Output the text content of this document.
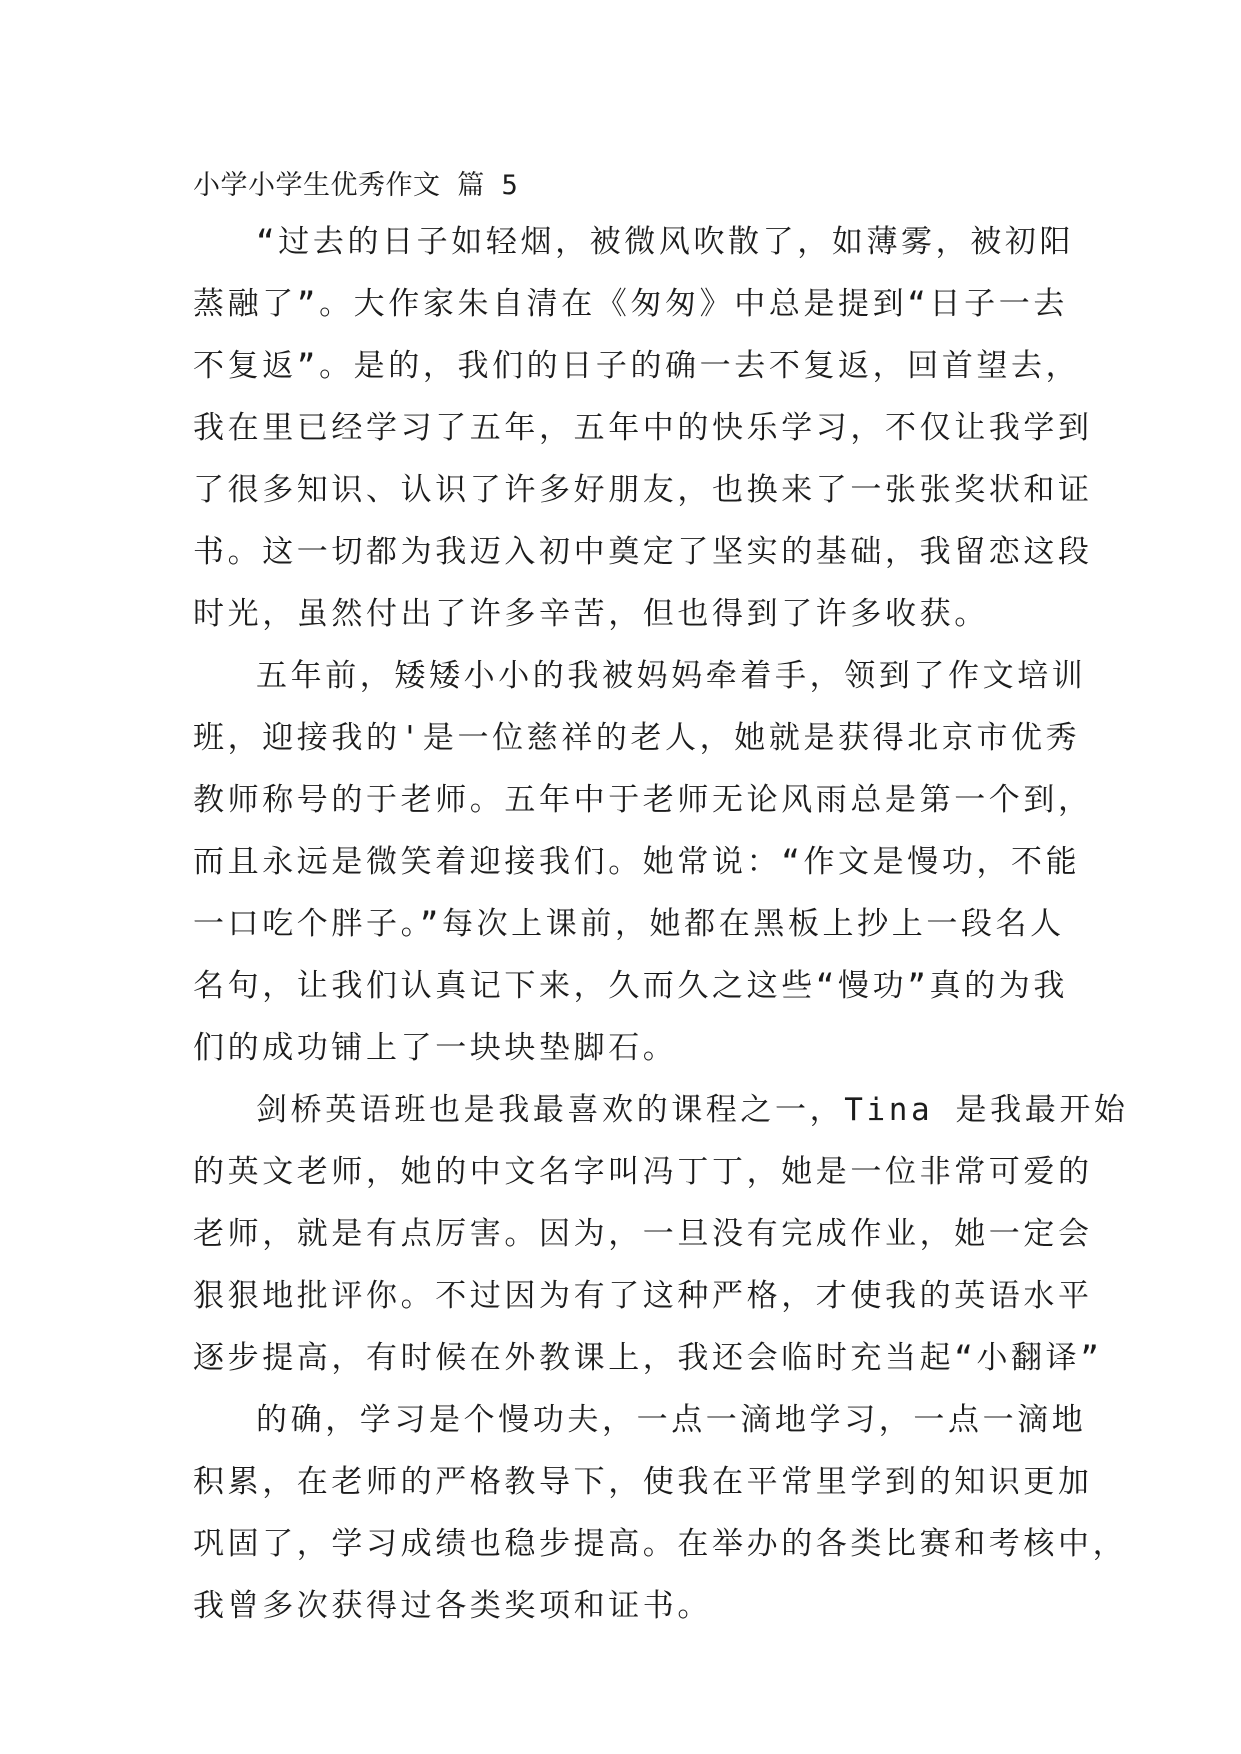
小学小学生优秀作文 篇 5

“过去的日子如轻烟，被微风吹散了，如薄雾，被初阳

蒸融了”。大作家朱自清在《匆匆》中总是提到“日子一去

不复返”。是的，我们的日子的确一去不复返，回首望去，

我在里已经学习了五年，五年中的快乐学习，不仅让我学到

了很多知识、认识了许多好朋友，也换来了一张张奖状和证

书。这一切都为我迈入初中奠定了坚实的基础，我留恋这段

时光，虽然付出了许多辛苦，但也得到了许多收获。

五年前，矮矮小小的我被妈妈牵着手，领到了作文培训

班，迎接我的'是一位慈祥的老人，她就是获得北京市优秀

教师称号的于老师。五年中于老师无论风雨总是第一个到，

而且永远是微笑着迎接我们。她常说：“作文是慢功，不能

一口吃个胖子。”每次上课前，她都在黑板上抄上一段名人

名句，让我们认真记下来，久而久之这些“慢功”真的为我

们的成功铺上了一块块垫脚石。

剑桥英语班也是我最喜欢的课程之一，Tina 是我最开始

的英文老师，她的中文名字叫冯丁丁，她是一位非常可爱的

老师，就是有点厉害。因为，一旦没有完成作业，她一定会

狠狠地批评你。不过因为有了这种严格，才使我的英语水平

逐步提高，有时候在外教课上，我还会临时充当起“小翻译”

的确，学习是个慢功夫，一点一滴地学习，一点一滴地

积累，在老师的严格教导下，使我在平常里学到的知识更加

巩固了，学习成绩也稳步提高。在举办的各类比赛和考核中，

我曾多次获得过各类奖项和证书。
